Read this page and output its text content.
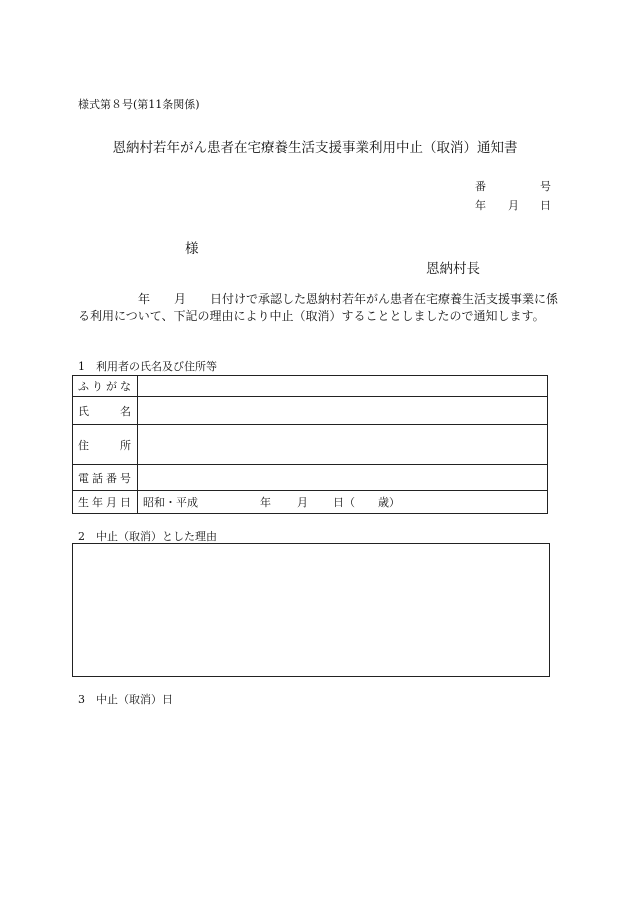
様式第８号(第11条関係)
恩納村若年がん患者在宅療養生活支援事業利用中止（取消）通知書
番	号
年 月 日
様
恩納村長
　　　　　年　　月　　日付けで承認した恩納村若年がん患者在宅療養生活支援事業に係る利用について、下記の理由により中止（取消）することとしましたので通知します。
1　利用者の氏名及び住所等
ふりがな	
氏　名	
住　所	
電話番号	
生年月日	昭和・平成 年 月 日（ 歳）
2　中止（取消）とした理由
3　中止（取消）日
